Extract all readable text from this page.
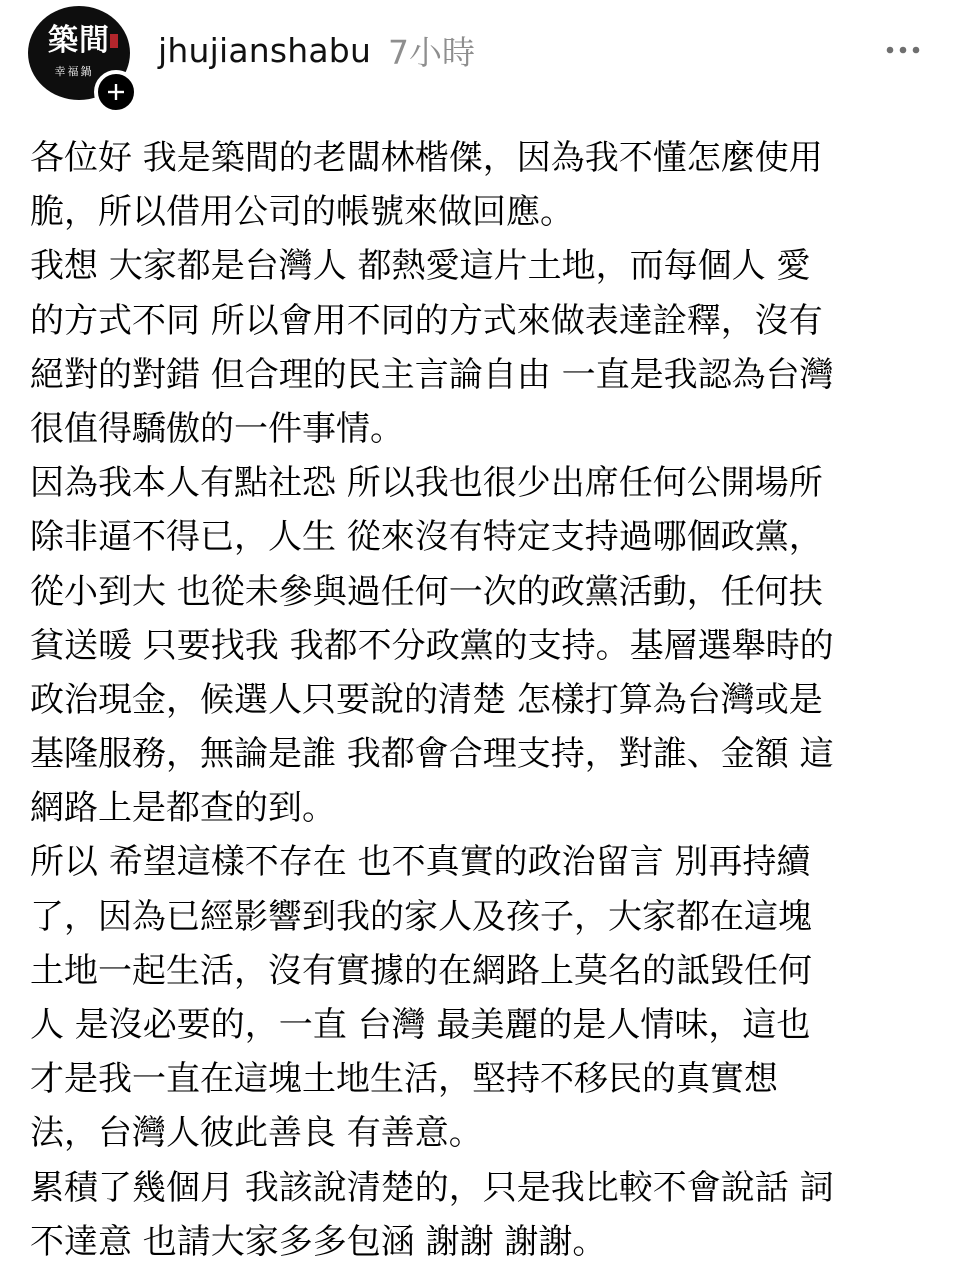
築間
幸福鍋
jhujianshabu 7小時
各位好 我是築間的老闆林楷傑，因為我不懂怎麼使用
脆，所以借用公司的帳號來做回應。
我想 大家都是台灣人 都熱愛這片土地，而每個人 愛
的方式不同 所以會用不同的方式來做表達詮釋，沒有
絕對的對錯 但合理的民主言論自由 一直是我認為台灣
很值得驕傲的一件事情。
因為我本人有點社恐 所以我也很少出席任何公開場所
除非逼不得已，人生 從來沒有特定支持過哪個政黨，
從小到大 也從未參與過任何一次的政黨活動，任何扶
貧送暖 只要找我 我都不分政黨的支持。基層選舉時的
政治現金，候選人只要說的清楚 怎樣打算為台灣或是
基隆服務，無論是誰 我都會合理支持，對誰、金額 這
網路上是都查的到。
所以 希望這樣不存在 也不真實的政治留言 別再持續
了，因為已經影響到我的家人及孩子，大家都在這塊
土地一起生活，沒有實據的在網路上莫名的詆毀任何
人 是沒必要的，一直 台灣 最美麗的是人情味，這也
才是我一直在這塊土地生活，堅持不移民的真實想
法，台灣人彼此善良 有善意。
累積了幾個月 我該說清楚的，只是我比較不會說話 詞
不達意 也請大家多多包涵 謝謝 謝謝。
